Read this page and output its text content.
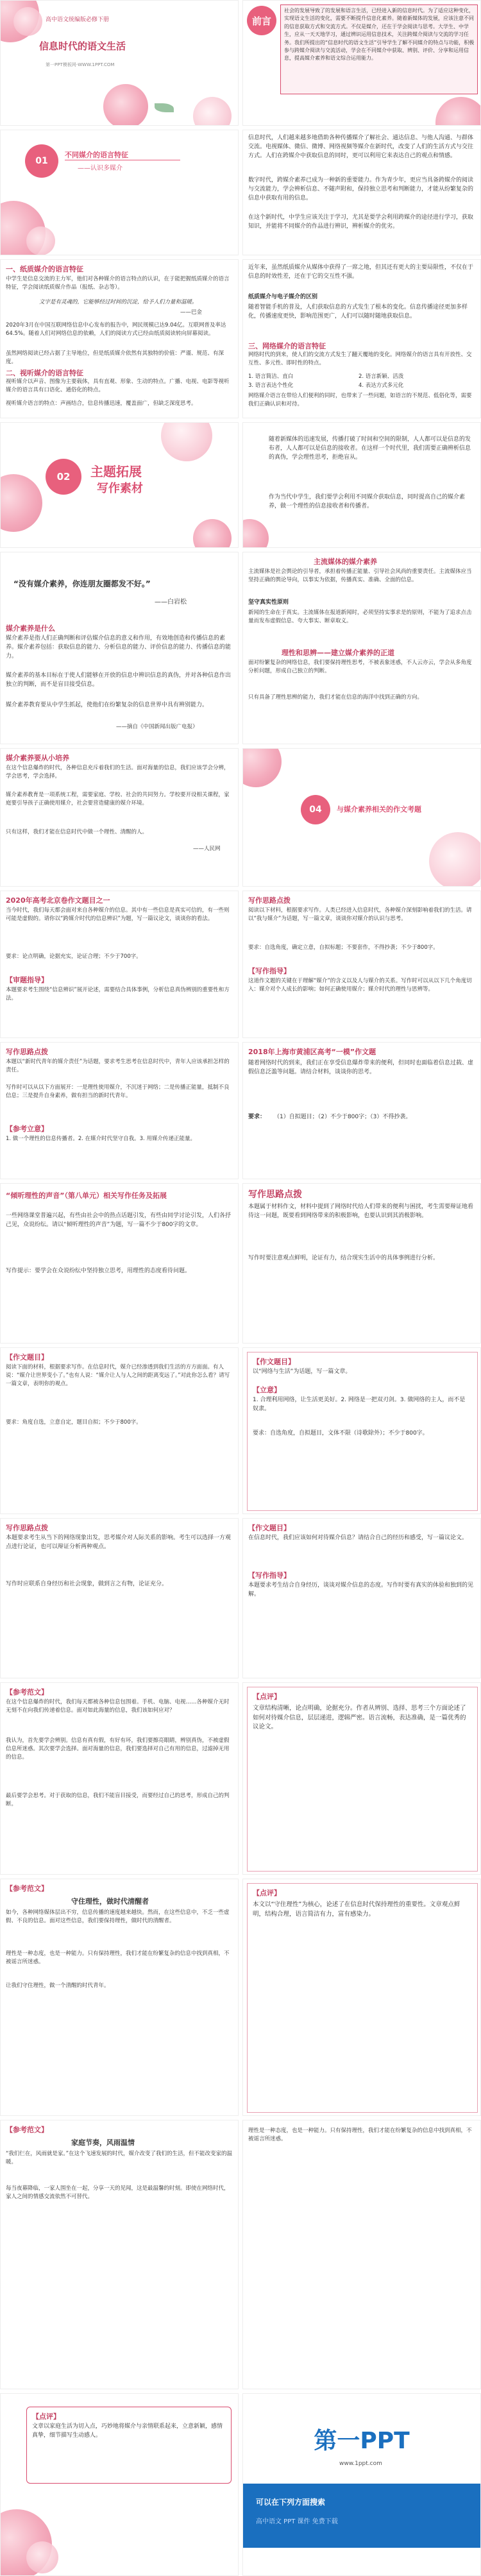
高中语文统编版必修下册
信息时代的语文生活
第一PPT模板网-WWW.1PPT.COM
前言
社会的发展导致了的发展和语言生活，已经进入新的信息时代。为了适应这种变化，实现语文生活的变化，需要不断提升信息化素养。随着新媒体的发展，应该注意不同的信息获取方式和交流方式。不仅是媒介，还在于学会阅读与思考。大学生、中学生，应从一天天地学习，通过辨识运用信息技术，关注跨媒介阅读与交流的学习任务。我们所提出的“信息时代的语文生活”引导学生了解不同媒介的特点与功能，积极参与跨媒介阅读与交流活动，学会在不同媒介中获取、辨别、评价、分享和运用信息，提高媒介素养和语文综合运用能力。
01
不同媒介的语言特征
——认识多媒介
信息时代，人们越来越多地借助各种传播媒介了解社会、通达信息、与他人沟通、与群体交流。电视媒体、微信、微博、网络视频等媒介在新时代，改变了人们的生活方式与交往方式。人们在跨媒介中获取信息的同时，更可以利用它来表达自己的观点和情感。
数字时代，跨媒介素养已成为一种新的重要能力。作为青少年，更应当具备跨媒介的阅读与交流能力，学会辨析信息、不随声附和，保持独立思考和判断能力，才能从纷繁复杂的信息中获取有用的信息。
在这个新时代，中学生应该关注于学习，尤其是要学会利用跨媒介的途径进行学习，获取知识，并能将不同媒介的作品进行辨识，辨析媒介的优劣。
一、纸质媒介的语言特征
中学生是信息交流的主力军，他们对各种媒介的语言特点的认识，在于能把握纸质媒介的语言特征，学会阅读纸质媒介作品（报纸、杂志等）。
文字是有灵魂的，它能够经过时间的沉淀，给予人们力量和温暖。
——巴金
2020年3月在中国互联网络信息中心发布的报告中，网民规模已达9.04亿。互联网普及率达64.5%。随着人们对网络信息的依赖，人们的阅读方式已经由纸质阅读转向屏幕阅读。
虽然网络阅读已经占据了主导地位，但是纸质媒介依然有其独特的价值：严谨、规范、有深度。
二、视听媒介的语言特征
视听媒介以声音、图像为主要载体，具有直观、形象、生动的特点。广播、电视、电影等视听媒介的语言具有口语化、通俗化的特点。
视听媒介语言的特点：声画结合，信息传播迅速，覆盖面广，但缺乏深度思考。
近年来，虽然纸质媒介从媒体中获得了一席之地，但其还有更大的主要局限性，不仅在于信息的时效性差，还在于它的交互性不强。
纸质媒介与电子媒介的区别
随着智能手机的普及，人们获取信息的方式发生了根本的变化。信息传播途径更加多样化，传播速度更快，影响范围更广，人们可以随时随地获取信息。
三、网络媒介的语言特征
网络时代的到来，使人们的交流方式发生了翻天覆地的变化。网络媒介的语言具有开放性、交互性、多元性、即时性的特点。
1. 语言简洁、直白	2. 语言新颖、活泼
3. 语言表达个性化	4. 表达方式多元化
网络媒介语言在带给人们便利的同时，也带来了一些问题，如语言的不规范、低俗化等，需要我们正确认识和对待。
02	主题拓展
写作素材
随着新媒体的迅速发展，传播打破了时间和空间的限制，人人都可以是信息的发布者，人人都可以是信息的接收者。在这样一个时代里，我们需要正确辨析信息的真伪，学会理性思考，拒绝盲从。
作为当代中学生，我们要学会利用不同媒介获取信息，同时提高自己的媒介素养，做一个理性的信息接收者和传播者。
“没有媒介素养，你连朋友圈都发不好。”
——白岩松
媒介素养是什么
媒介素养是指人们正确判断和评估媒介信息的意义和作用，有效地创造和传播信息的素养。媒介素养包括：获取信息的能力、分析信息的能力、评价信息的能力、传播信息的能力。
媒介素养的基本目标在于使人们能够在开放的信息中辨识信息的真伪，并对各种信息作出独立的判断，而不是盲目接受信息。
媒介素养教育要从中学生抓起，使他们在纷繁复杂的信息世界中具有辨别能力。
——摘自《中国新闻出版广电报》
主流媒体的媒介素养
主流媒体是社会舆论的引导者，承担着传播正能量、引导社会风尚的重要责任。主流媒体应当坚持正确的舆论导向，以事实为依据，传播真实、准确、全面的信息。
坚守真实性原则
新闻的生命在于真实。主流媒体在报道新闻时，必须坚持实事求是的原则，不能为了追求点击量而发布虚假信息、夸大事实、断章取义。
理性和思辨——建立媒介素养的正道
面对纷繁复杂的网络信息，我们要保持理性思考，不被表象迷惑，不人云亦云，学会从多角度分析问题，形成自己独立的判断。
只有具备了理性思辨的能力，我们才能在信息的海洋中找到正确的方向。
媒介素养要从小培养
在这个信息爆炸的时代，各种信息充斥着我们的生活。面对海量的信息，我们应该学会分辨，学会思考，学会选择。
媒介素养教育是一项系统工程，需要家庭、学校、社会的共同努力。学校要开设相关课程，家庭要引导孩子正确使用媒介，社会要营造健康的媒介环境。
只有这样，我们才能在信息时代中做一个理性、清醒的人。
——人民网
04	与媒介素养相关的作文考题
2020年高考北京卷作文题目之一
当今时代，我们每天都会面对来自各种媒介的信息。其中有一些信息是真实可信的，有一些则可能是虚假的。请你以“跨媒介时代的信息辨识”为题，写一篇议论文，谈谈你的看法。
要求：论点明确，论据充实，论证合理；不少于700字。
【审题指导】
本题要求考生围绕“信息辨识”展开论述，需要结合具体事例，分析信息真伪辨别的重要性和方法。
写作思路点拨
阅读以下材料，根据要求写作。人类已经进入信息时代，各种媒介深刻影响着我们的生活。请以“我与媒介”为话题，写一篇文章，谈谈你对媒介的认识与思考。
要求：自选角度，确定立意，自拟标题；不要套作，不得抄袭；不少于800字。
【写作指导】
这道作文题的关键在于理解“媒介”的含义以及人与媒介的关系。写作时可以从以下几个角度切入：媒介对个人成长的影响；如何正确使用媒介；媒介时代的理性与思辨等。
写作思路点拨
本题以“新时代青年的媒介责任”为话题，要求考生思考在信息时代中，青年人应该承担怎样的责任。
写作时可以从以下方面展开：一是理性使用媒介，不沉迷于网络；二是传播正能量，抵制不良信息；三是提升自身素养，做有担当的新时代青年。
【参考立意】
1. 做一个理性的信息传播者。2. 在媒介时代坚守自我。3. 用媒介传递正能量。
2018年上海市黄浦区高考“一模”作文题
随着网络时代的到来，我们正在享受信息爆炸带来的便利，但同时也面临着信息过载、虚假信息泛滥等问题。请结合材料，谈谈你的思考。
要求： （1）自拟题目；（2）不少于800字；（3）不得抄袭。
“倾听理性的声音”（第八单元）相关写作任务及拓展
一些网络课堂普遍兴起，有些由社会中的热点话题引发，有些由同学讨论引发，人们各抒己见，众说纷纭。请以“倾听理性的声音”为题，写一篇不少于800字的文章。
写作提示：要学会在众说纷纭中坚持独立思考，用理性的态度看待问题。
写作思路点拨
本题属于材料作文，材料中提到了网络时代给人们带来的便利与困扰，考生需要辩证地看待这一问题，既要看到网络带来的积极影响，也要认识到其消极影响。
写作时要注意观点鲜明，论证有力，结合现实生活中的具体事例进行分析。
【作文题目】
阅读下面的材料，根据要求写作。在信息时代，媒介已经渗透到我们生活的方方面面。有人说：“媒介让世界变小了。”也有人说：“媒介让人与人之间的距离变远了。”对此你怎么看？请写一篇文章，表明你的观点。
要求：角度自选，立意自定，题目自拟；不少于800字。
【作文题目】
以“网络与生活”为话题，写一篇文章。
【立意】
1. 合理利用网络，让生活更美好。2. 网络是一把双刃剑。3. 做网络的主人，而不是奴隶。
要求：自选角度，自拟题目，文体不限（诗歌除外）；不少于800字。
写作思路点拨
本题要求考生从当下的网络现象出发，思考媒介对人际关系的影响。考生可以选择一方观点进行论证，也可以辩证分析两种观点。
写作时应联系自身经历和社会现象，做到言之有物，论证充分。
【作文题目】
在信息时代，我们应该如何对待媒介信息？请结合自己的经历和感受，写一篇议论文。
【写作指导】
本题要求考生结合自身经历，谈谈对媒介信息的态度。写作时要有真实的体验和独到的见解。
【参考范文】
在这个信息爆炸的时代，我们每天都被各种信息包围着。手机、电脑、电视……各种媒介无时无刻不在向我们传递着信息。面对如此海量的信息，我们该如何应对？
我认为，首先要学会辨别。信息有真有假，有好有坏，我们要擦亮眼睛，辨别真伪，不被虚假信息所迷惑。其次要学会选择。面对海量的信息，我们要选择对自己有用的信息，过滤掉无用的信息。
最后要学会思考。对于获取的信息，我们不能盲目接受，而要经过自己的思考，形成自己的判断。
【点评】
文章结构清晰，论点明确，论据充分。作者从辨别、选择、思考三个方面论述了如何对待媒介信息，层层递进，逻辑严密。语言流畅，表达准确，是一篇优秀的议论文。
【参考范文】
守住理性，做时代清醒者
如今，各种网络媒体层出不穷，信息传播的速度越来越快。然而，在这些信息中，不乏一些虚假、不良的信息。面对这些信息，我们要保持理性，做时代的清醒者。
理性是一种态度，也是一种能力。只有保持理性，我们才能在纷繁复杂的信息中找到真相，不被谣言所迷惑。
让我们守住理性，做一个清醒的时代青年。
【点评】
本文以“守住理性”为核心，论述了在信息时代保持理性的重要性。文章观点鲜明，结构合理，语言简洁有力，富有感染力。
【参考范文】
家庭节奏，风雨温情
“我们仨在，风雨就是家。”在这个飞速发展的时代，媒介改变了我们的生活，但不能改变家的温暖。
每当夜幕降临，一家人围坐在一起，分享一天的见闻，这是最温馨的时刻。即使在网络时代，家人之间的情感交流依然不可替代。
理性是一种态度，也是一种能力。只有保持理性，我们才能在纷繁复杂的信息中找到真相，不被谣言所迷惑。
【点评】
文章以家庭生活为切入点，巧妙地将媒介与亲情联系起来，立意新颖，感情真挚，细节描写生动感人。	第一PPT
www.1ppt.com
可以在下列方面搜索
高中语文 PPT 课件 免费下载
